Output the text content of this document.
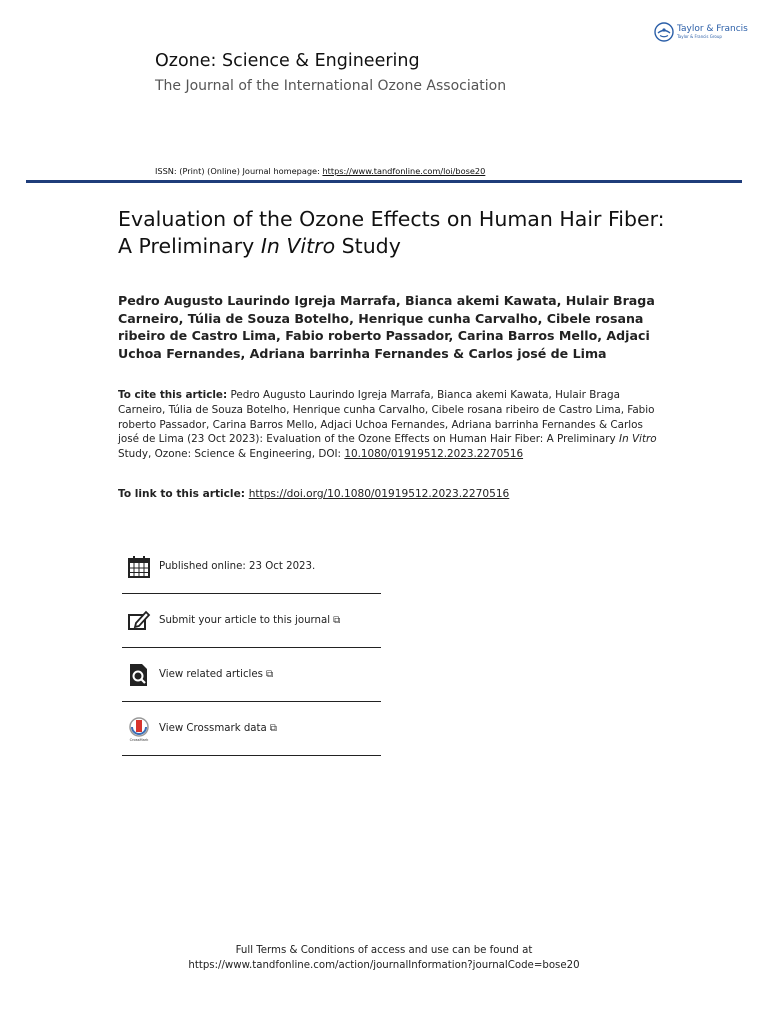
Taylor & Francis
Taylor & Francis Group
Ozone: Science & Engineering
The Journal of the International Ozone Association
ISSN: (Print) (Online) Journal homepage: https://www.tandfonline.com/loi/bose20
Evaluation of the Ozone Effects on Human Hair Fiber: A Preliminary In Vitro Study
Pedro Augusto Laurindo Igreja Marrafa, Bianca akemi Kawata, Hulair Braga Carneiro, Túlia de Souza Botelho, Henrique cunha Carvalho, Cibele rosana ribeiro de Castro Lima, Fabio roberto Passador, Carina Barros Mello, Adjaci Uchoa Fernandes, Adriana barrinha Fernandes & Carlos josé de Lima
To cite this article: Pedro Augusto Laurindo Igreja Marrafa, Bianca akemi Kawata, Hulair Braga Carneiro, Túlia de Souza Botelho, Henrique cunha Carvalho, Cibele rosana ribeiro de Castro Lima, Fabio roberto Passador, Carina Barros Mello, Adjaci Uchoa Fernandes, Adriana barrinha Fernandes & Carlos josé de Lima (23 Oct 2023): Evaluation of the Ozone Effects on Human Hair Fiber: A Preliminary In Vitro Study, Ozone: Science & Engineering, DOI: 10.1080/01919512.2023.2270516
To link to this article: https://doi.org/10.1080/01919512.2023.2270516
Published online: 23 Oct 2023.
Submit your article to this journal ⧉
View related articles ⧉
CrossMark
View Crossmark data ⧉
Full Terms & Conditions of access and use can be found at
https://www.tandfonline.com/action/journalInformation?journalCode=bose20
